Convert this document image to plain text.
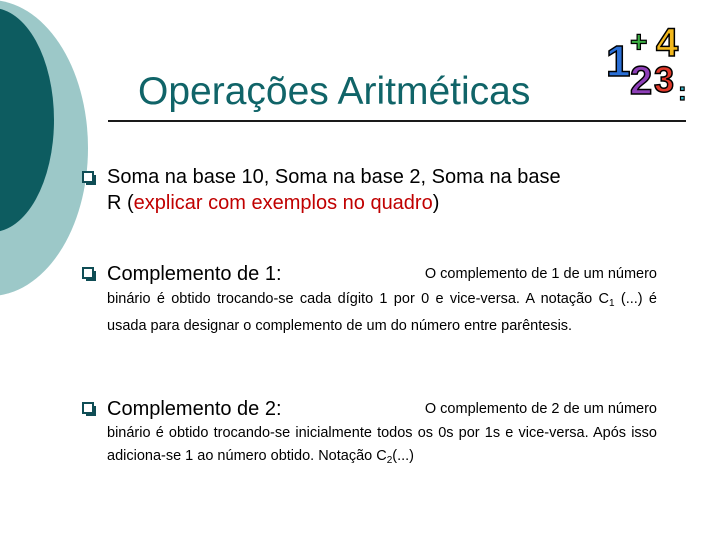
Operações Aritméticas
1 + 4
2 3 :
Soma na base 10, Soma na base 2, Soma na base
R (explicar com exemplos no quadro)
Complemento de 1:	O complemento de 1 de um número
binário é obtido trocando-se cada dígito 1 por 0 e vice-versa. A notação $C_1$ (...) é usada para designar o complemento de um do número entre parêntesis.
Complemento de 2:	O complemento de 2 de um número
binário é obtido trocando-se inicialmente todos os 0s por 1s e vice-versa. Após isso adiciona-se 1 ao número obtido. Notação $C_2(...)$
